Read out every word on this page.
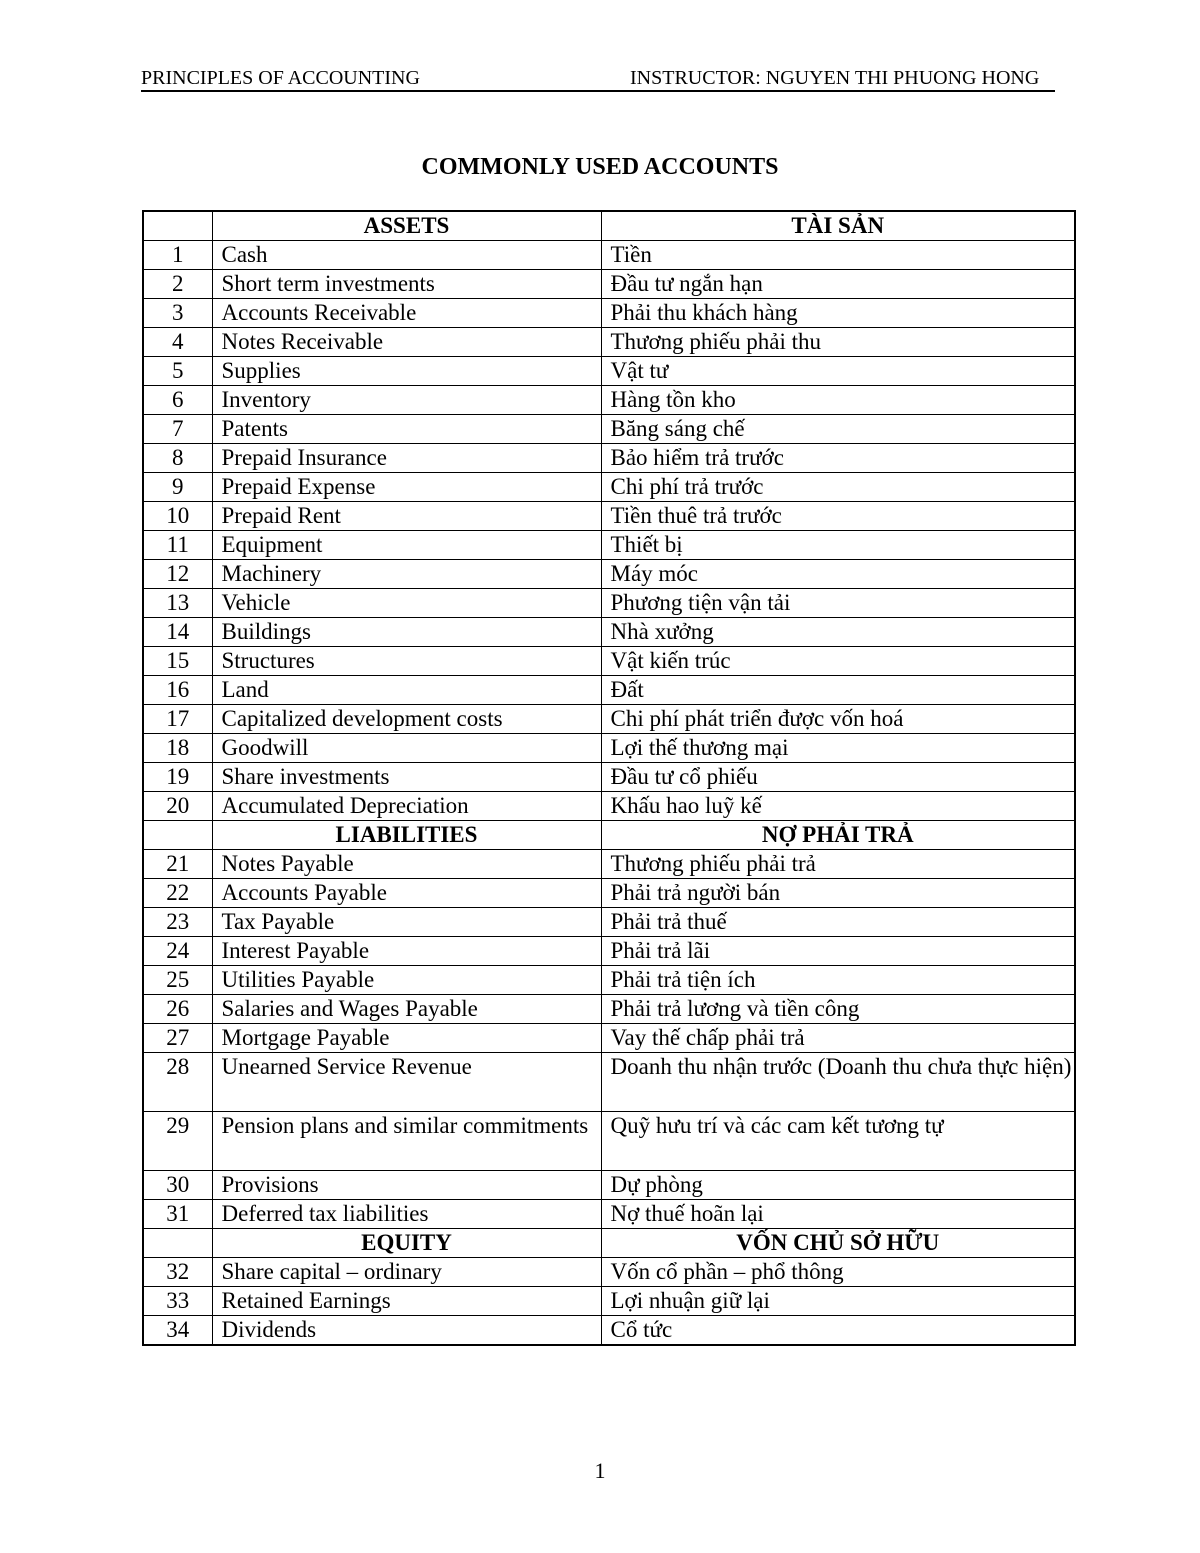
PRINCIPLES OF ACCOUNTING	INSTRUCTOR: NGUYEN THI PHUONG HONG
COMMONLY USED ACCOUNTS
	ASSETS	TÀI SẢN
1	Cash	Tiền
2	Short term investments	Đầu tư ngắn hạn
3	Accounts Receivable	Phải thu khách hàng
4	Notes Receivable	Thương phiếu phải thu
5	Supplies	Vật tư
6	Inventory	Hàng tồn kho
7	Patents	Băng sáng chế
8	Prepaid Insurance	Bảo hiểm trả trước
9	Prepaid Expense	Chi phí trả trước
10	Prepaid Rent	Tiền thuê trả trước
11	Equipment	Thiết bị
12	Machinery	Máy móc
13	Vehicle	Phương tiện vận tải
14	Buildings	Nhà xưởng
15	Structures	Vật kiến trúc
16	Land	Đất
17	Capitalized development costs	Chi phí phát triển được vốn hoá
18	Goodwill	Lợi thế thương mại
19	Share investments	Đầu tư cổ phiếu
20	Accumulated Depreciation	Khấu hao luỹ kế
	LIABILITIES	NỢ PHẢI TRẢ
21	Notes Payable	Thương phiếu phải trả
22	Accounts Payable	Phải trả người bán
23	Tax Payable	Phải trả thuế
24	Interest Payable	Phải trả lãi
25	Utilities Payable	Phải trả tiện ích
26	Salaries and Wages Payable	Phải trả lương và tiền công
27	Mortgage Payable	Vay thế chấp phải trả
28	Unearned Service Revenue	Doanh thu nhận trước (Doanh thu chưa thực hiện)
29	Pension plans and similar commitments	Quỹ hưu trí và các cam kết tương tự
30	Provisions	Dự phòng
31	Deferred tax liabilities	Nợ thuế hoãn lại
	EQUITY	VỐN CHỦ SỞ HỮU
32	Share capital – ordinary	Vốn cổ phần – phổ thông
33	Retained Earnings	Lợi nhuận giữ lại
34	Dividends	Cổ tức
1
